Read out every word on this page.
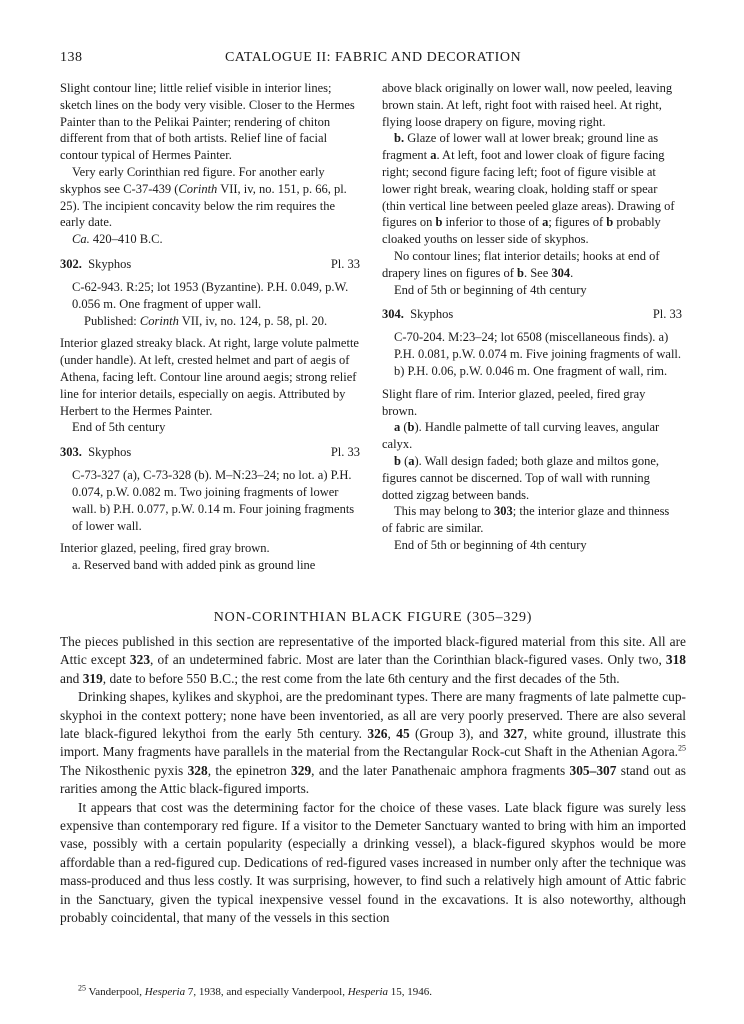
138	CATALOGUE II: FABRIC AND DECORATION

Slight contour line; little relief visible in interior lines; sketch lines on the body very visible. Closer to the Hermes Painter than to the Pelikai Painter; rendering of chiton different from that of both artists. Relief line of facial contour typical of Hermes Painter.

Very early Corinthian red figure. For another early skyphos see C-37-439 (Corinth VII, iv, no. 151, p. 66, pl. 25). The incipient concavity below the rim requires the early date.

Ca. 420–410 B.C.

302. Skyphos	Pl. 33

C-62-943. R:25; lot 1953 (Byzantine). P.H. 0.049, p.W. 0.056 m. One fragment of upper wall.

Published: Corinth VII, iv, no. 124, p. 58, pl. 20.

Interior glazed streaky black. At right, large volute palmette (under handle). At left, crested helmet and part of aegis of Athena, facing left. Contour line around aegis; strong relief line for interior details, especially on aegis. Attributed by Herbert to the Hermes Painter.

End of 5th century

303. Skyphos	Pl. 33

C-73-327 (a), C-73-328 (b). M–N:23–24; no lot. a) P.H. 0.074, p.W. 0.082 m. Two joining fragments of lower wall. b) P.H. 0.077, p.W. 0.14 m. Four joining fragments of lower wall.

Interior glazed, peeling, fired gray brown.

a. Reserved band with added pink as ground line

above black originally on lower wall, now peeled, leaving brown stain. At left, right foot with raised heel. At right, flying loose drapery on figure, moving right.

b. Glaze of lower wall at lower break; ground line as fragment a. At left, foot and lower cloak of figure facing right; second figure facing left; foot of figure visible at lower right break, wearing cloak, holding staff or spear (thin vertical line between peeled glaze areas). Drawing of figures on b inferior to those of a; figures of b probably cloaked youths on lesser side of skyphos.

No contour lines; flat interior details; hooks at end of drapery lines on figures of b. See 304.

End of 5th or beginning of 4th century

304. Skyphos	Pl. 33

C-70-204. M:23–24; lot 6508 (miscellaneous finds). a) P.H. 0.081, p.W. 0.074 m. Five joining fragments of wall. b) P.H. 0.06, p.W. 0.046 m. One fragment of wall, rim.

Slight flare of rim. Interior glazed, peeled, fired gray brown.

a (b). Handle palmette of tall curving leaves, angular calyx.

b (a). Wall design faded; both glaze and miltos gone, figures cannot be discerned. Top of wall with running dotted zigzag between bands.

This may belong to 303; the interior glaze and thinness of fabric are similar.

End of 5th or beginning of 4th century

NON-CORINTHIAN BLACK FIGURE (305–329)

The pieces published in this section are representative of the imported black-figured material from this site. All are Attic except 323, of an undetermined fabric. Most are later than the Corinthian black-figured vases. Only two, 318 and 319, date to before 550 B.C.; the rest come from the late 6th century and the first decades of the 5th.

Drinking shapes, kylikes and skyphoi, are the predominant types. There are many fragments of late palmette cup-skyphoi in the context pottery; none have been inventoried, as all are very poorly preserved. There are also several late black-figured lekythoi from the early 5th century. 326, 45 (Group 3), and 327, white ground, illustrate this import. Many fragments have parallels in the material from the Rectangular Rock-cut Shaft in the Athenian Agora.$^{25}$ The Nikosthenic pyxis 328, the epinetron 329, and the later Panathenaic amphora fragments 305–307 stand out as rarities among the Attic black-figured imports.

It appears that cost was the determining factor for the choice of these vases. Late black figure was surely less expensive than contemporary red figure. If a visitor to the Demeter Sanctuary wanted to bring with him an imported vase, possibly with a certain popularity (especially a drinking vessel), a black-figured skyphos would be more affordable than a red-figured cup. Dedications of red-figured vases increased in number only after the technique was mass-produced and thus less costly. It was surprising, however, to find such a relatively high amount of Attic fabric in the Sanctuary, given the typical inexpensive vessel found in the excavations. It is also noteworthy, although probably coincidental, that many of the vessels in this section

$^{25}$ Vanderpool, Hesperia 7, 1938, and especially Vanderpool, Hesperia 15, 1946.
